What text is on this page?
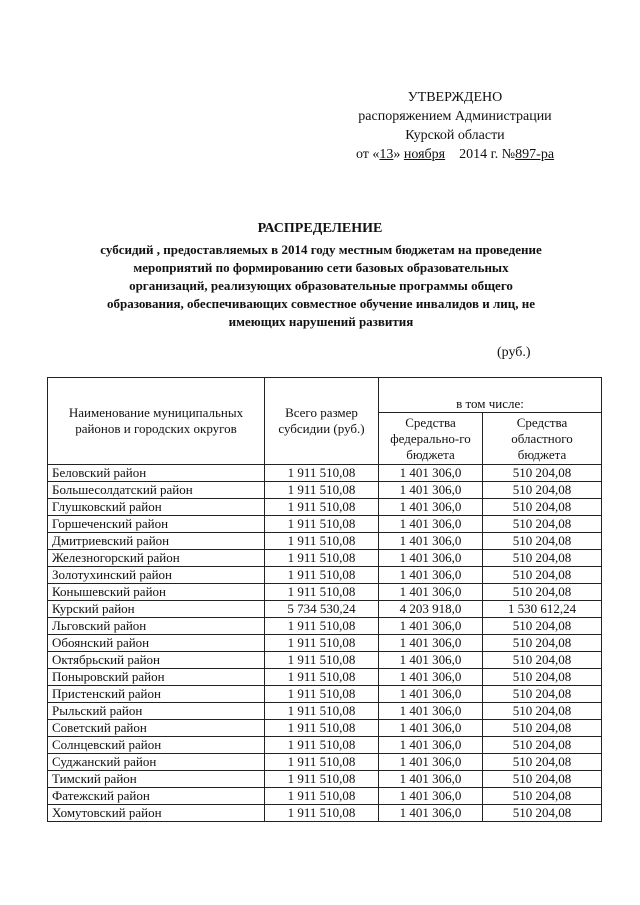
УТВЕРЖДЕНО
распоряжением Администрации
Курской области
от «13» ноября 2014 г. №897-ра
РАСПРЕДЕЛЕНИЕ
субсидий , предоставляемых в 2014 году местным бюджетам на проведение мероприятий по формированию сети базовых образовательных организаций, реализующих образовательные программы общего образования, обеспечивающих совместное обучение инвалидов и лиц, не имеющих нарушений развития
(руб.)
Наименование муниципальных районов и городских округов	Всего размер субсидии (руб.)	в том числе:	
		Средства федерально-го бюджета	Средства областного бюджета
Беловский район	1 911 510,08	1 401 306,0	510 204,08
Большесолдатский район	1 911 510,08	1 401 306,0	510 204,08
Глушковский район	1 911 510,08	1 401 306,0	510 204,08
Горшеченский район	1 911 510,08	1 401 306,0	510 204,08
Дмитриевский район	1 911 510,08	1 401 306,0	510 204,08
Железногорский район	1 911 510,08	1 401 306,0	510 204,08
Золотухинский район	1 911 510,08	1 401 306,0	510 204,08
Конышевский район	1 911 510,08	1 401 306,0	510 204,08
Курский район	5 734 530,24	4 203 918,0	1 530 612,24
Льговский район	1 911 510,08	1 401 306,0	510 204,08
Обоянский район	1 911 510,08	1 401 306,0	510 204,08
Октябрьский район	1 911 510,08	1 401 306,0	510 204,08
Поныровский район	1 911 510,08	1 401 306,0	510 204,08
Пристенский район	1 911 510,08	1 401 306,0	510 204,08
Рыльский район	1 911 510,08	1 401 306,0	510 204,08
Советский район	1 911 510,08	1 401 306,0	510 204,08
Солнцевский район	1 911 510,08	1 401 306,0	510 204,08
Суджанский район	1 911 510,08	1 401 306,0	510 204,08
Тимский район	1 911 510,08	1 401 306,0	510 204,08
Фатежский район	1 911 510,08	1 401 306,0	510 204,08
Хомутовский район	1 911 510,08	1 401 306,0	510 204,08
